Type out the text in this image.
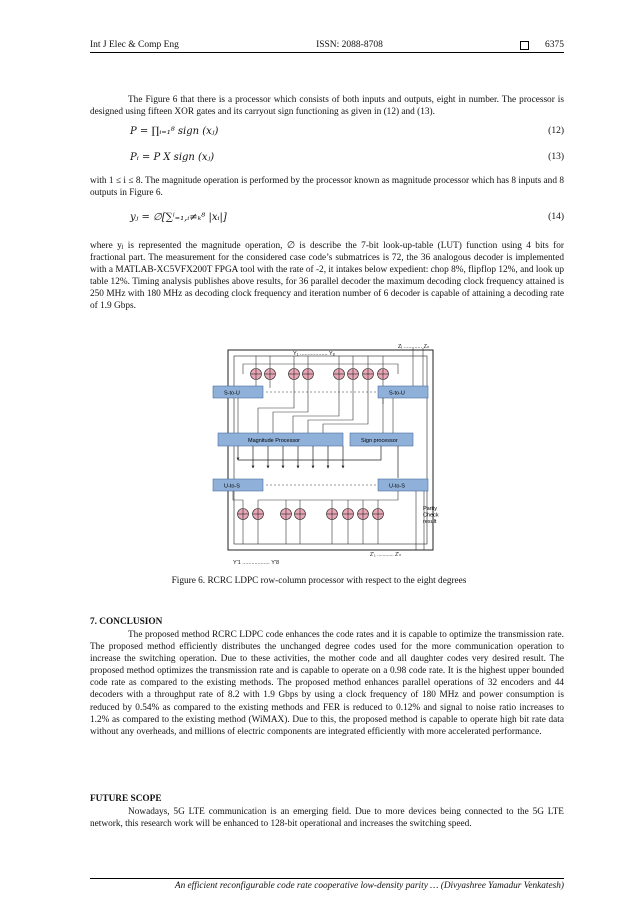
Int J Elec & Comp Eng	ISSN: 2088-8708	6375
The Figure 6 that there is a processor which consists of both inputs and outputs, eight in number. The processor is designed using fifteen XOR gates and its carryout sign functioning as given in (12) and (13).
P = ∏ᵢ₌₁⁸ sign (xⱼ)	(12)
Pᵢ = P X sign (xⱼ)	(13)
with 1 ≤ i ≤ 8. The magnitude operation is performed by the processor known as magnitude processor which has 8 inputs and 8 outputs in Figure 6.
yⱼ = ∅[∑ⁱ₌₁,ᵢ≠ₖ⁸ |xᵢ|]	(14)
where yⱼ is represented the magnitude operation, ∅ is describe the 7-bit look-up-table (LUT) function using 4 bits for fractional part. The measurement for the considered case code’s submatrices is 72, the 36 analogous decoder is implemented with a MATLAB-XC5VFX200T FPGA tool with the rate of -2, it intakes below expedient: chop 8%, flipflop 12%, and look up table 12%. Timing analysis publishes above results, for 36 parallel decoder the maximum decoding clock frequency attained is 250 MHz with 180 MHz as decoding clock frequency and iteration number of 6 decoder is capable of attaining a decoding rate of 1.9 Gbps.
Y₁ .................. Y₈
Zᵢ ............ Zₙ
S-to-U	S-to-U
Magnitude Processor	Sign processor
U-to-S	U-to-S
Parity Check result
Z'₁ ............ Z'ₙ
Y'1 .................. Y'8
Figure 6. RCRC LDPC row-column processor with respect to the eight degrees
7. CONCLUSION
The proposed method RCRC LDPC code enhances the code rates and it is capable to optimize the transmission rate. The proposed method efficiently distributes the unchanged degree codes used for the more communication operation to increase the switching operation. Due to these activities, the mother code and all daughter codes very desired result. The proposed method optimizes the transmission rate and is capable to operate on a 0.98 code rate. It is the highest upper bounded code rate as compared to the existing methods. The proposed method enhances parallel operations of 32 encoders and 44 decoders with a throughput rate of 8.2 with 1.9 Gbps by using a clock frequency of 180 MHz and power consumption is reduced by 0.54% as compared to the existing methods and FER is reduced to 0.12% and signal to noise ratio increases to 1.2% as compared to the existing method (WiMAX). Due to this, the proposed method is capable to operate high bit rate data without any overheads, and millions of electric components are integrated efficiently with more accelerated performance.
FUTURE SCOPE
Nowadays, 5G LTE communication is an emerging field. Due to more devices being connected to the 5G LTE network, this research work will be enhanced to 128-bit operational and increases the switching speed.
An efficient reconfigurable code rate cooperative low-density parity … (Divyashree Yamadur Venkatesh)
